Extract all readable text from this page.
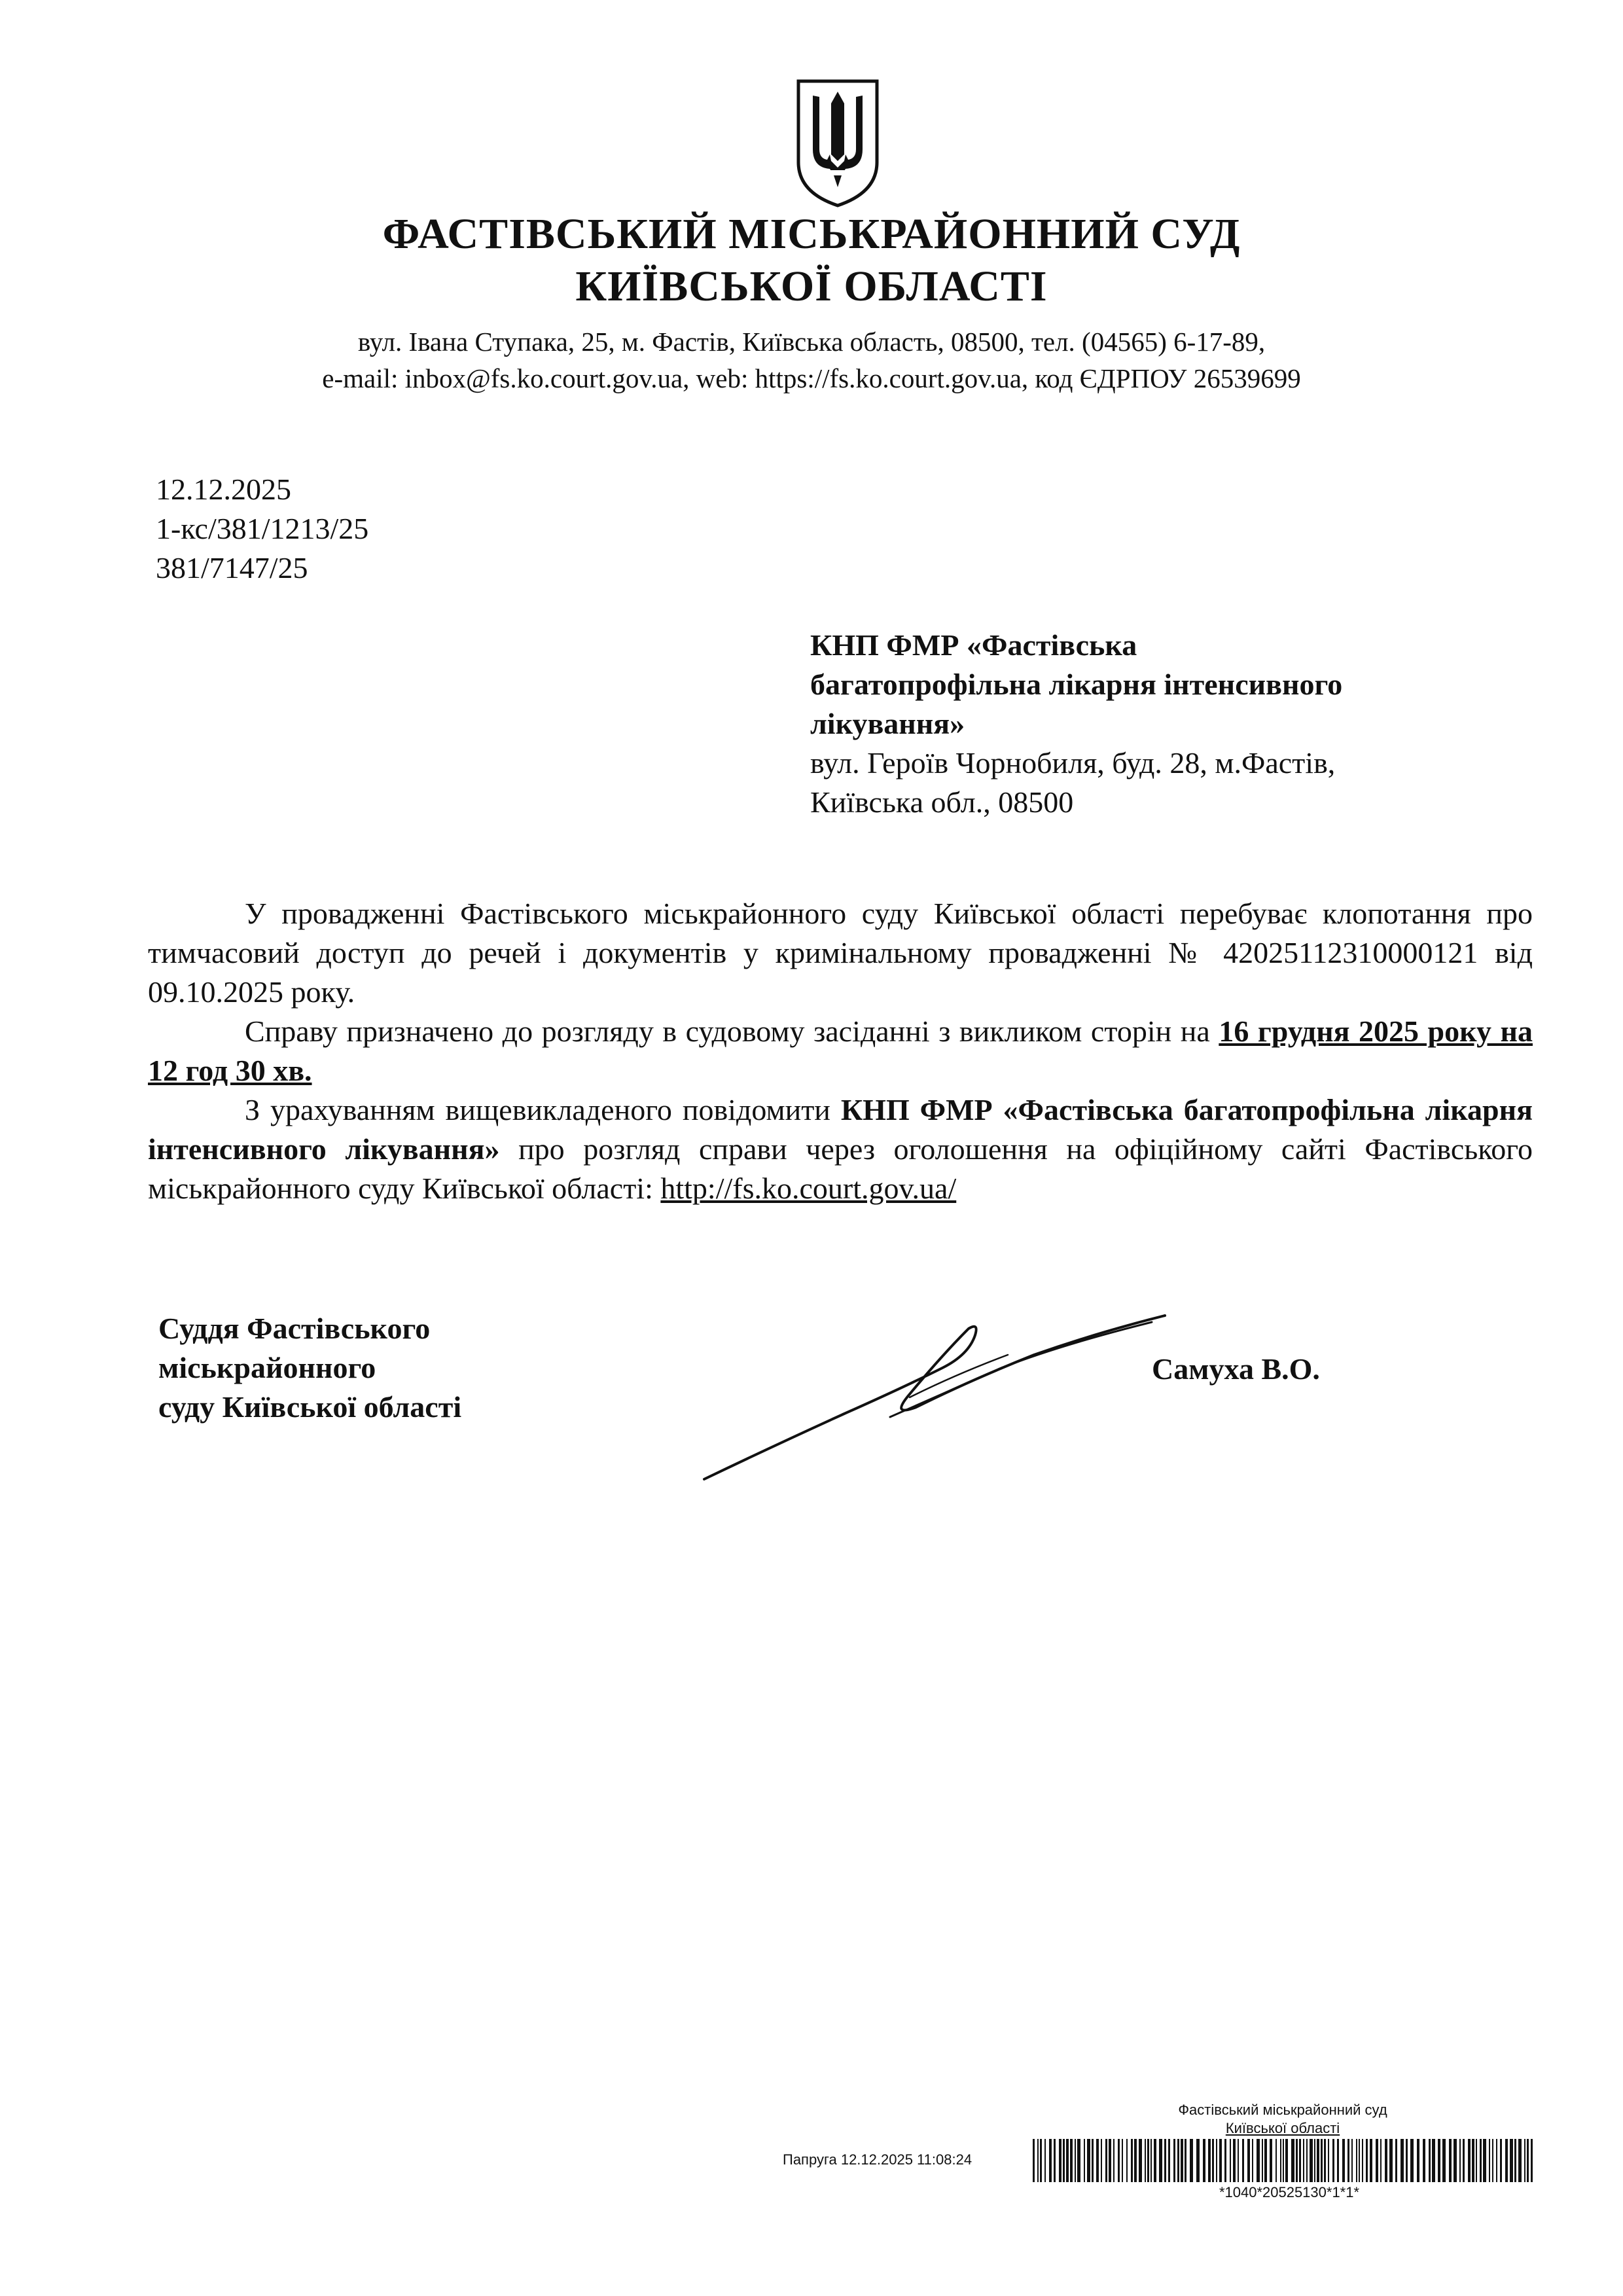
ФАСТІВСЬКИЙ МІСЬКРАЙОННИЙ СУД
КИЇВСЬКОЇ ОБЛАСТІ
вул. Івана Ступака, 25, м. Фастів, Київська область, 08500, тел. (04565) 6-17-89,
e-mail: inbox@fs.ko.court.gov.ua, web: https://fs.ko.court.gov.ua, код ЄДРПОУ 26539699
12.12.2025
1-кс/381/1213/25
381/7147/25
КНП ФМР «Фастівська
багатопрофільна лікарня інтенсивного
лікування»
вул. Героїв Чорнобиля, буд. 28, м.Фастів,
Київська обл., 08500

У провадженні Фастівського міськрайонного суду Київської області перебуває клопотання про тимчасовий доступ до речей і документів у кримінальному провадженні № 42025112310000121 від 09.10.2025 року.

Справу призначено до розгляду в судовому засіданні з викликом сторін на 16 грудня 2025 року на 12 год 30 хв.

З урахуванням вищевикладеного повідомити КНП ФМР «Фастівська багатопрофільна лікарня інтенсивного лікування» про розгляд справи через оголошення на офіційному сайті Фастівського міськрайонного суду Київської області: http://fs.ko.court.gov.ua/

Суддя Фастівського
міськрайонного
суду Київської області
Самуха В.О.
Фастівський міськрайонний суд
Київської області
Папруга 12.12.2025 11:08:24
*1040*20525130*1*1*
